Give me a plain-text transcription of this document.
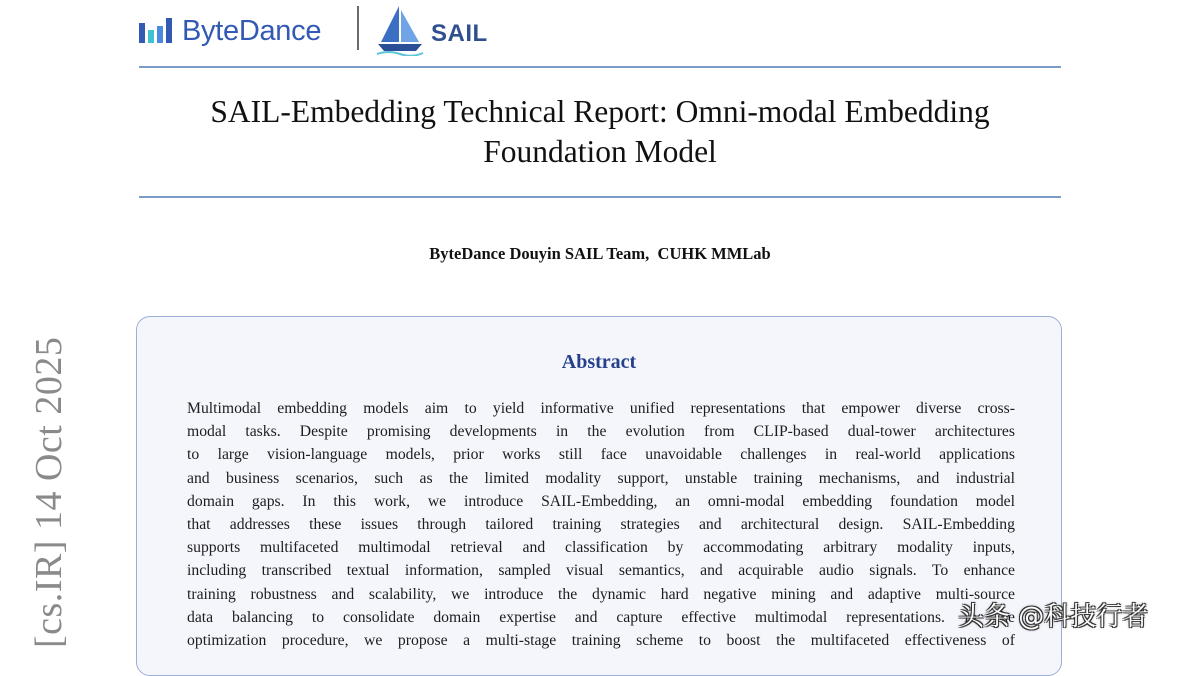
ByteDance	SAIL
SAIL-Embedding Technical Report: Omni-modal Embedding
Foundation Model
ByteDance Douyin SAIL Team,  CUHK MMLab
Abstract
Multimodal embedding models aim to yield informative unified representations that empower diverse cross-
modal tasks. Despite promising developments in the evolution from CLIP-based dual-tower architectures
to large vision-language models, prior works still face unavoidable challenges in real-world applications
and business scenarios, such as the limited modality support, unstable training mechanisms, and industrial
domain gaps. In this work, we introduce SAIL-Embedding, an omni-modal embedding foundation model
that addresses these issues through tailored training strategies and architectural design. SAIL-Embedding
supports multifaceted multimodal retrieval and classification by accommodating arbitrary modality inputs,
including transcribed textual information, sampled visual semantics, and acquirable audio signals. To enhance
training robustness and scalability, we introduce the dynamic hard negative mining and adaptive multi-source
data balancing to consolidate domain expertise and capture effective multimodal representations. In the
optimization procedure, we propose a multi-stage training scheme to boost the multifaceted effectiveness of
[cs.IR] 14 Oct 2025	头条 @科技行者
